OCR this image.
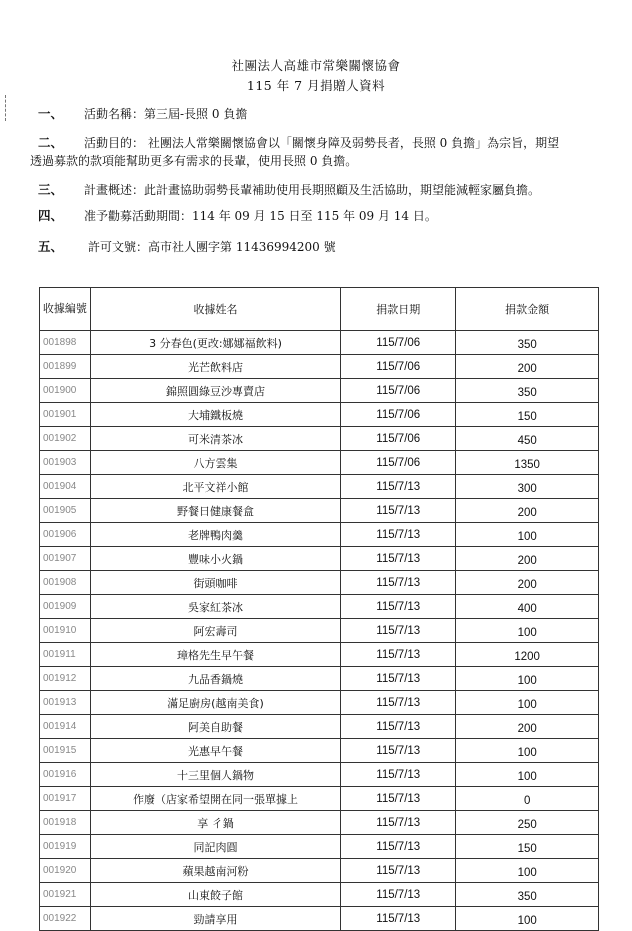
社團法人高雄市常樂關懷協會
115 年 7 月捐贈人資料
一、 活動名稱：第三屆-長照 0 負擔
二、 活動目的： 社團法人常樂關懷協會以「關懷身障及弱勢長者，長照 0 負擔」為宗旨，期望
透過募款的款項能幫助更多有需求的長輩，使用長照 0 負擔。
三、 計畫概述：此計畫協助弱勢長輩補助使用長期照顧及生活協助，期望能減輕家屬負擔。
四、 准予勸募活動期間：114 年 09 月 15 日至 115 年 09 月 14 日。
五、 許可文號：高市社人團字第 11436994200 號
收據編號	收據姓名	捐款日期	捐款金額
001898	3 分春色(更改:娜娜福飲料)	115/7/06	350
001899	光芒飲料店	115/7/06	200
001900	錦照圓綠豆沙專賣店	115/7/06	350
001901	大埔鐵板燒	115/7/06	150
001902	可米清茶冰	115/7/06	450
001903	八方雲集	115/7/06	1350
001904	北平文祥小館	115/7/13	300
001905	野餐日健康餐盒	115/7/13	200
001906	老牌鴨肉羹	115/7/13	100
001907	豐味小火鍋	115/7/13	200
001908	街頭咖啡	115/7/13	200
001909	吳家紅茶冰	115/7/13	400
001910	阿宏壽司	115/7/13	100
001911	璋格先生早午餐	115/7/13	1200
001912	九品香鍋燒	115/7/13	100
001913	滿足廚房(越南美食)	115/7/13	100
001914	阿美自助餐	115/7/13	200
001915	光惠早午餐	115/7/13	100
001916	十三里個人鍋物	115/7/13	100
001917	作廢（店家希望開在同一張單據上	115/7/13	0
001918	享 彳鍋	115/7/13	250
001919	同記肉圓	115/7/13	150
001920	蘋果越南河粉	115/7/13	100
001921	山東餃子館	115/7/13	350
001922	勁請享用	115/7/13	100
